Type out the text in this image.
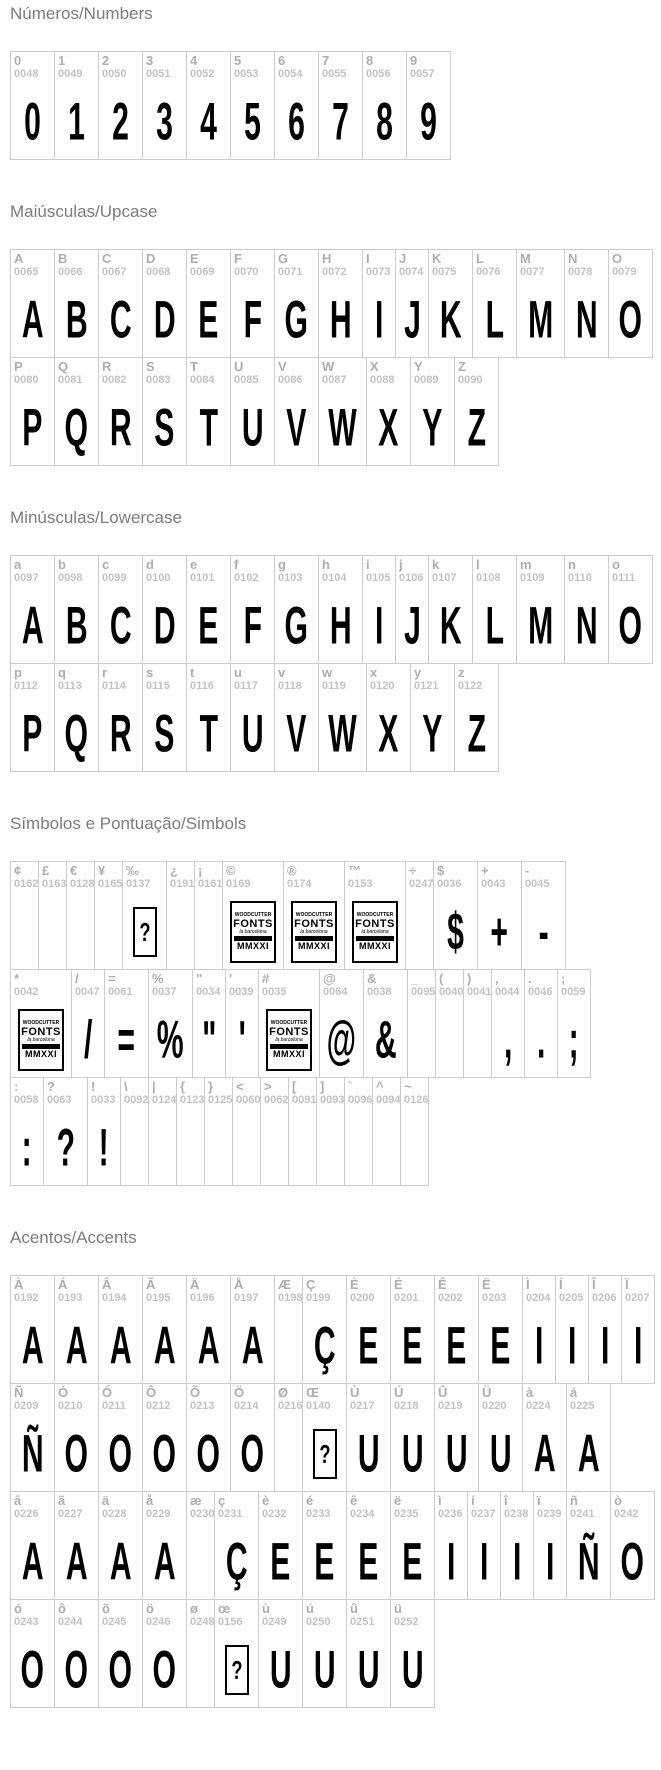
Números/Numbers
0
0048
0
1
0049
1
2
0050
2
3
0051
3
4
0052
4
5
0053
5
6
0054
6
7
0055
7
8
0056
8
9
0057
9
Maiúsculas/Upcase
A
0065
A
B
0066
B
C
0067
C
D
0068
D
E
0069
E
F
0070
F
G
0071
G
H
0072
H
I
0073
I
J
0074
J
K
0075
K
L
0076
L
M
0077
M
N
0078
N
O
0079
O
P
0080
P
Q
0081
Q
R
0082
R
S
0083
S
T
0084
T
U
0085
U
V
0086
V
W
0087
W
X
0088
X
Y
0089
Y
Z
0090
Z
Minúsculas/Lowercase
a
0097
A
b
0098
B
c
0099
C
d
0100
D
e
0101
E
f
0102
F
g
0103
G
h
0104
H
i
0105
I
j
0106
J
k
0107
K
l
0108
L
m
0109
M
n
0110
N
o
0111
O
p
0112
P
q
0113
Q
r
0114
R
s
0115
S
t
0116
T
u
0117
U
v
0118
V
w
0119
W
x
0120
X
y
0121
Y
z
0122
Z
Símbolos e Pontuação/Simbols
¢
0162
£
0163
€
0128
¥
0165
‰
0137
?
¿
0191
¡
0161
©
0169
WOODCUTTER
FONTS
la barcelona
MMXXI
®
0174
WOODCUTTER
FONTS
la barcelona
MMXXI
™
0153
WOODCUTTER
FONTS
la barcelona
MMXXI
÷
0247
$
0036
$
+
0043
+
-
0045
-
*
0042
WOODCUTTER
FONTS
la barcelona
MMXXI
/
0047
/
=
0061
=
%
0037
%
"
0034
"
'
0039
'
#
0035
WOODCUTTER
FONTS
la barcelona
MMXXI
@
0064
@
&
0038
&
_
0095
(
0040
)
0041
,
0044
,
.
0046
.
;
0059
;
:
0058
:
?
0063
?
!
0033
!
\
0092
|
0124
{
0123
}
0125
<
0060
>
0062
[
0091
]
0093
`
0096
^
0094
~
0126
Acentos/Accents
À
0192
A
Á
0193
A
Â
0194
A
Ã
0195
A
Ä
0196
A
Å
0197
A
Æ
0198
Ç
0199
Ç
È
0200
E
É
0201
E
Ê
0202
E
Ë
0203
E
Ì
0204
I
Í
0205
I
Î
0206
I
Ï
0207
I
Ñ
0209
Ñ
Ò
0210
O
Ó
0211
O
Ô
0212
O
Õ
0213
O
Ö
0214
O
Ø
0216
Œ
0140
?
Ù
0217
U
Ú
0218
U
Û
0219
U
Ü
0220
U
à
0224
A
á
0225
A
â
0226
A
ã
0227
A
ä
0228
A
å
0229
A
æ
0230
ç
0231
Ç
è
0232
E
é
0233
E
ê
0234
E
ë
0235
E
ì
0236
I
í
0237
I
î
0238
I
ï
0239
I
ñ
0241
Ñ
ò
0242
O
ó
0243
O
ô
0244
O
õ
0245
O
ö
0246
O
ø
0248
œ
0156
?
ù
0249
U
ú
0250
U
û
0251
U
ü
0252
U
